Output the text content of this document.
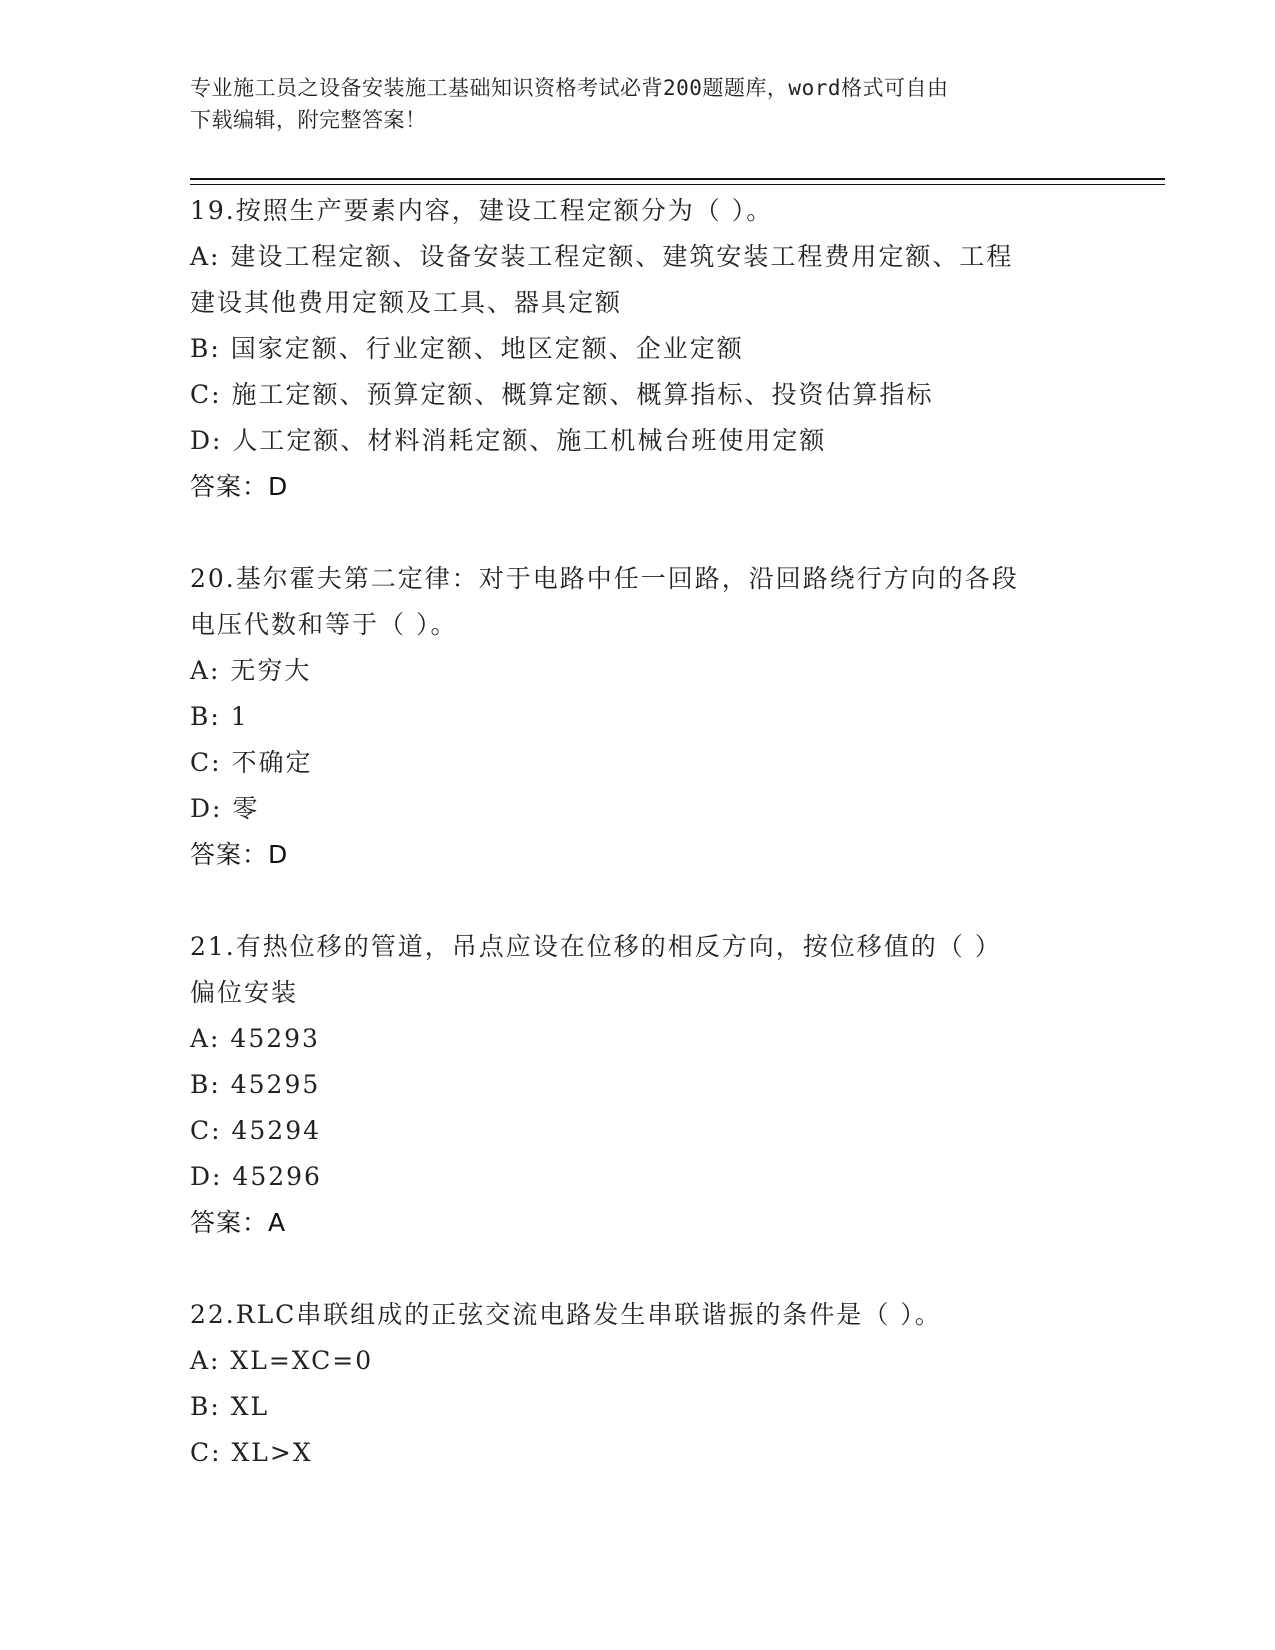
专业施工员之设备安装施工基础知识资格考试必背200题题库，word格式可自由
下载编辑，附完整答案！
19.按照生产要素内容，建设工程定额分为（ ）。
A: 建设工程定额、设备安装工程定额、建筑安装工程费用定额、工程
建设其他费用定额及工具、器具定额
B: 国家定额、行业定额、地区定额、企业定额
C: 施工定额、预算定额、概算定额、概算指标、投资估算指标
D: 人工定额、材料消耗定额、施工机械台班使用定额
答案：D
20.基尔霍夫第二定律：对于电路中任一回路，沿回路绕行方向的各段
电压代数和等于（ ）。
A: 无穷大
B: 1
C: 不确定
D: 零
答案：D
21.有热位移的管道，吊点应设在位移的相反方向，按位移值的（ ）
偏位安装
A: 45293
B: 45295
C: 45294
D: 45296
答案：A
22.RLC串联组成的正弦交流电路发生串联谐振的条件是（ ）。
A: XL=XC=0
B: XL
C: XL>X
